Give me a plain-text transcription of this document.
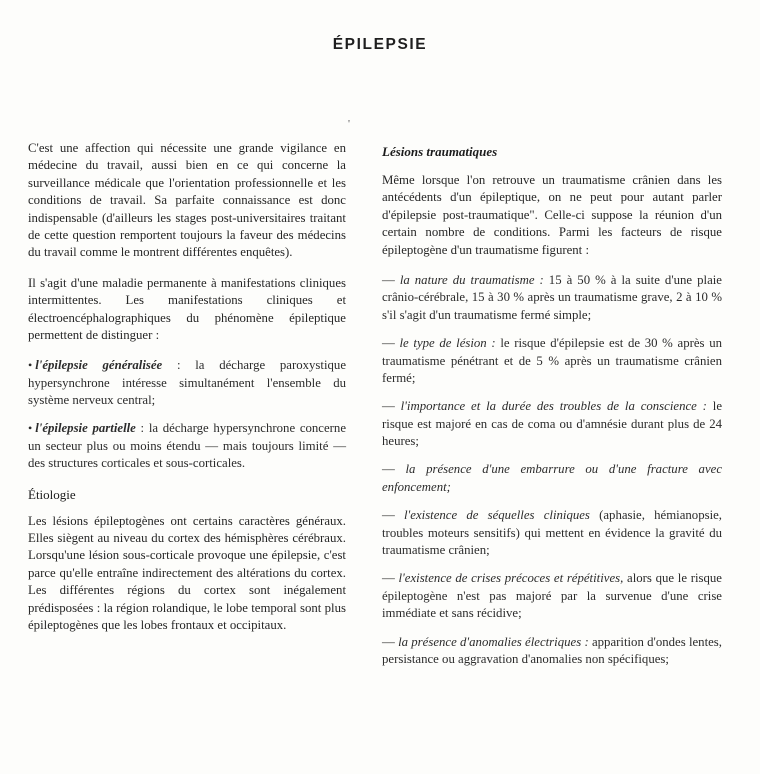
ÉPILEPSIE
'

C'est une affection qui nécessite une grande vigilance en médecine du travail, aussi bien en ce qui concerne la surveillance médicale que l'orientation professionnelle et les conditions de travail. Sa parfaite connaissance est donc indispensable (d'ailleurs les stages post-universitaires traitant de cette question remportent toujours la faveur des médecins du travail comme le montrent différentes enquêtes).

Il s'agit d'une maladie permanente à manifestations cliniques intermittentes. Les manifestations cliniques et électroencéphalographiques du phénomène épileptique permettent de distinguer :

• l'épilepsie généralisée : la décharge paroxystique hypersynchrone intéresse simultanément l'ensemble du système nerveux central;
• l'épilepsie partielle : la décharge hypersynchrone concerne un secteur plus ou moins étendu — mais toujours limité — des structures corticales et sous-corticales.
Étiologie

Les lésions épileptogènes ont certains caractères généraux. Elles siègent au niveau du cortex des hémisphères cérébraux. Lorsqu'une lésion sous-corticale provoque une épilepsie, c'est parce qu'elle entraîne indirectement des altérations du cortex. Les différentes régions du cortex sont inégalement prédisposées : la région rolandique, le lobe temporal sont plus épileptogènes que les lobes frontaux et occipitaux.

Lésions traumatiques

Même lorsque l'on retrouve un traumatisme crânien dans les antécédents d'un épileptique, on ne peut pour autant parler d'épilepsie post-traumatique". Celle-ci suppose la réunion d'un certain nombre de conditions. Parmi les facteurs de risque épileptogène d'un traumatisme figurent :

— la nature du traumatisme : 15 à 50 % à la suite d'une plaie crânio-cérébrale, 15 à 30 % après un traumatisme grave, 2 à 10 % s'il s'agit d'un traumatisme fermé simple;
— le type de lésion : le risque d'épilepsie est de 30 % après un traumatisme pénétrant et de 5 % après un traumatisme crânien fermé;
— l'importance et la durée des troubles de la conscience : le risque est majoré en cas de coma ou d'amnésie durant plus de 24 heures;
— la présence d'une embarrure ou d'une fracture avec enfoncement;
— l'existence de séquelles cliniques (aphasie, hémianopsie, troubles moteurs sensitifs) qui mettent en évidence la gravité du traumatisme crânien;
— l'existence de crises précoces et répétitives, alors que le risque épileptogène n'est pas majoré par la survenue d'une crise immédiate et sans récidive;
— la présence d'anomalies électriques : apparition d'ondes lentes, persistance ou aggravation d'anomalies non spécifiques;
